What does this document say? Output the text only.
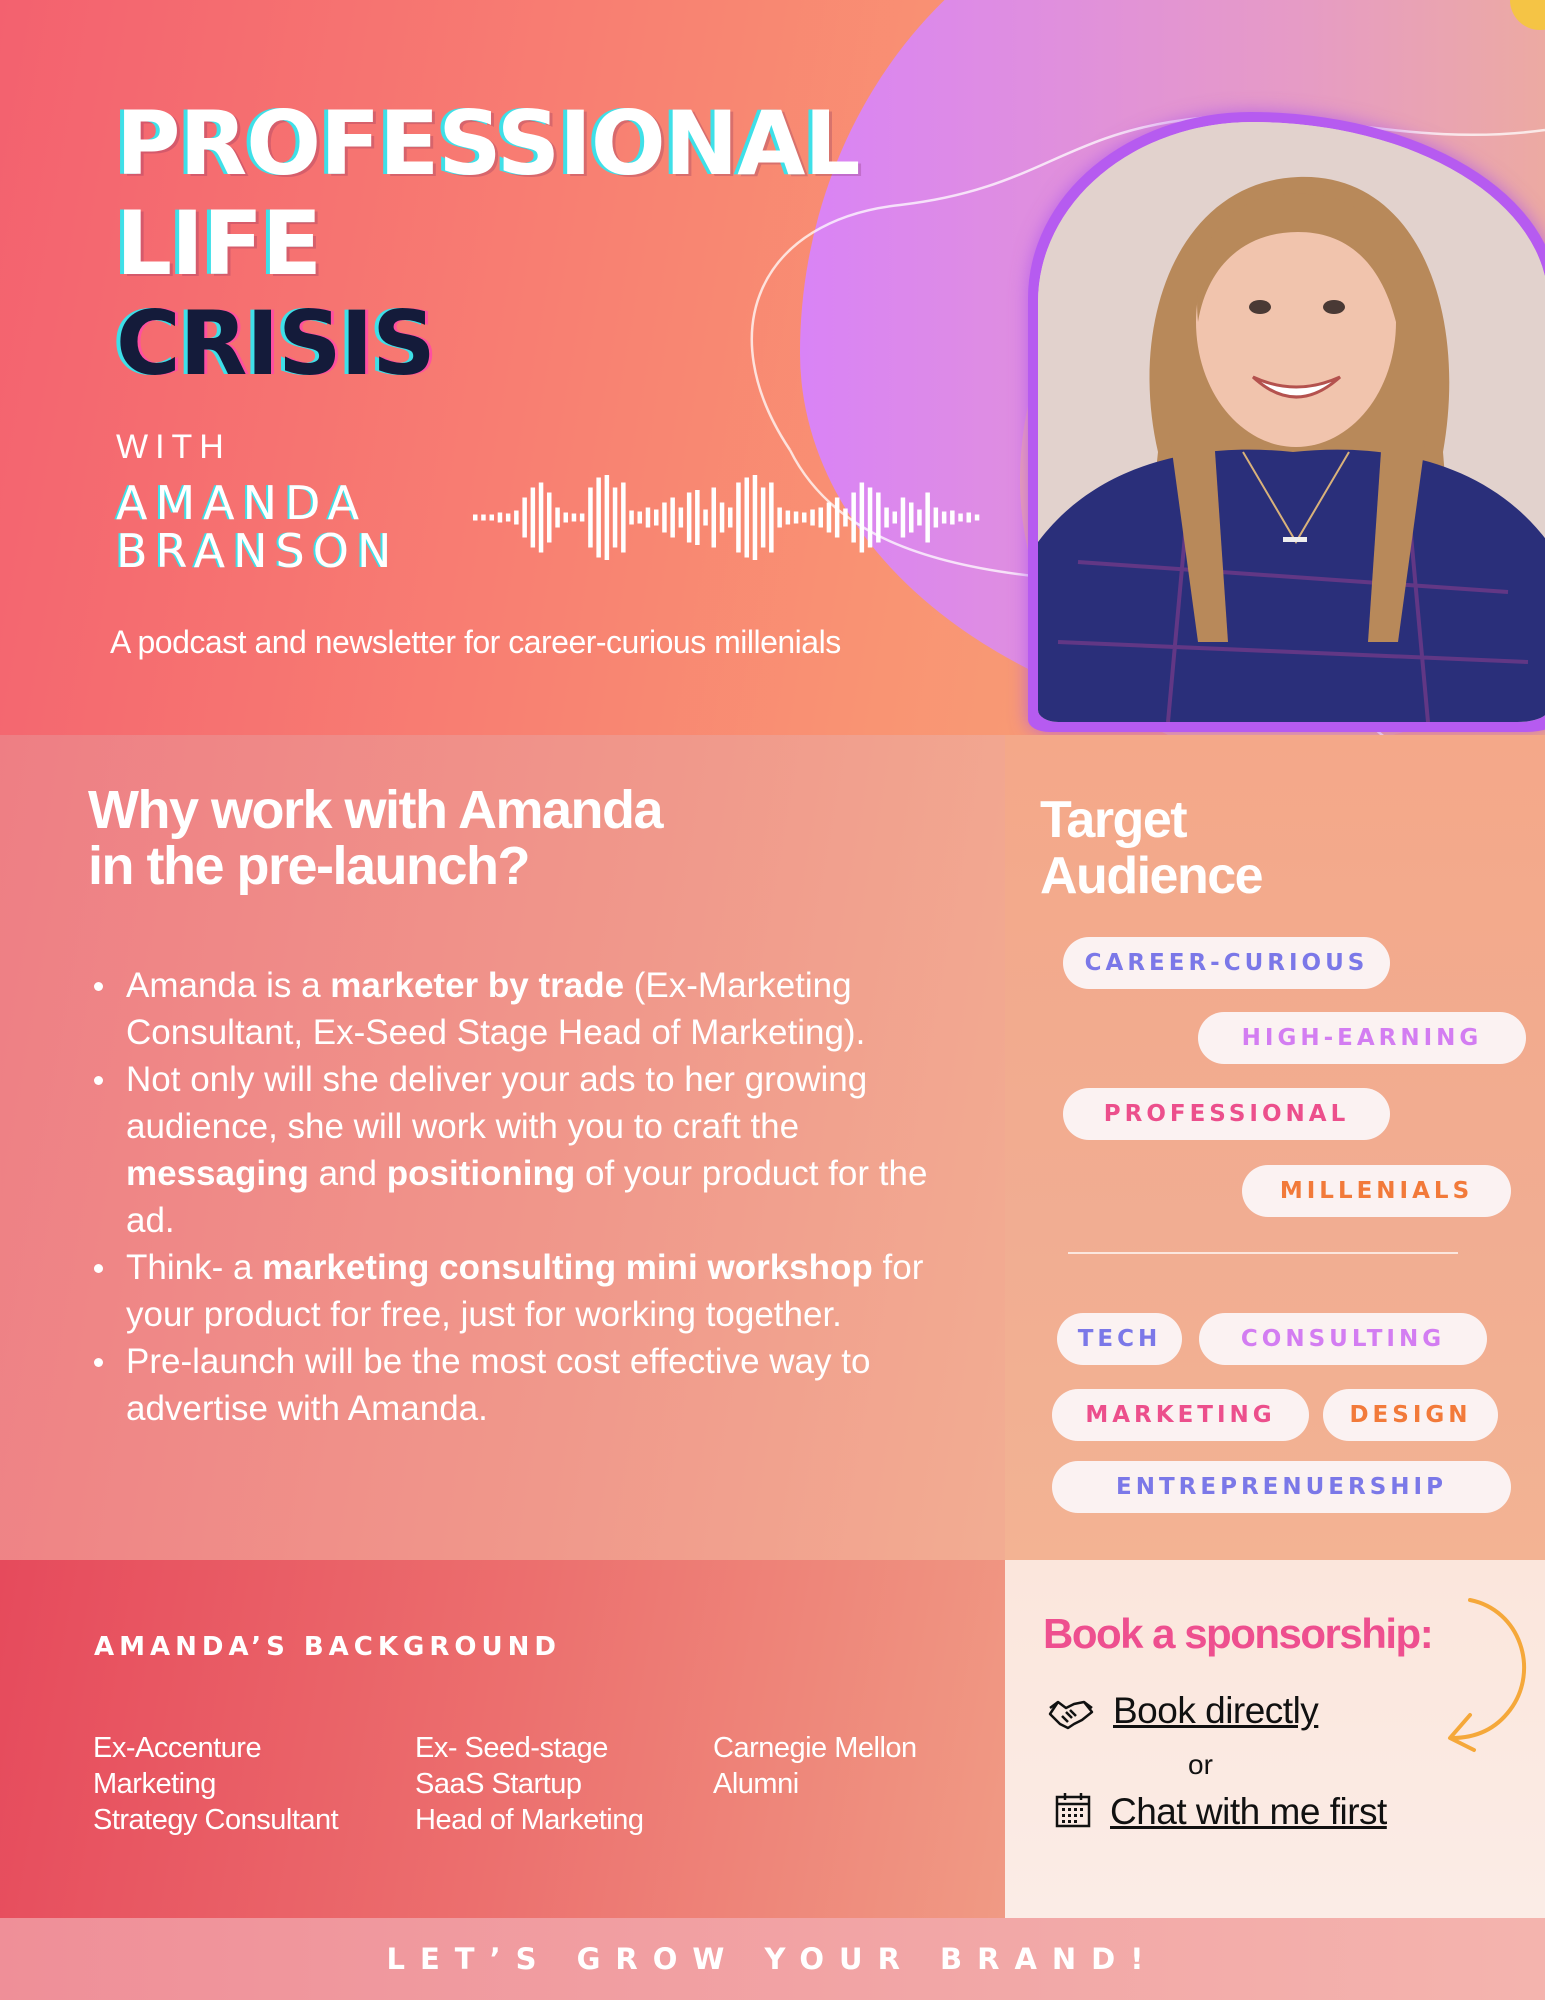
PROFESSIONAL
LIFE
CRISIS
WITH
AMANDA
BRANSON
A podcast and newsletter for career-curious millenials
Why work with Amanda
in the pre-launch?
Amanda is a marketer by trade (Ex-Marketing Consultant, Ex-Seed Stage Head of Marketing).
Not only will she deliver your ads to her growing audience, she will work with you to craft the messaging and positioning of your product for the ad.
Think- a marketing consulting mini workshop for your product for free, just for working together.
Pre-launch will be the most cost effective way to advertise with Amanda.
Target
Audience
CAREER-CURIOUS
HIGH-EARNING
PROFESSIONAL
MILLENIALS
TECH	CONSULTING
MARKETING	DESIGN
ENTREPRENUERSHIP
AMANDA’S BACKGROUND
Ex-Accenture
Marketing
Strategy Consultant
Ex- Seed-stage
SaaS Startup
Head of Marketing
Carnegie Mellon
Alumni
Book a sponsorship:
Book directly
or
Chat with me first
LET’S GROW YOUR BRAND!
